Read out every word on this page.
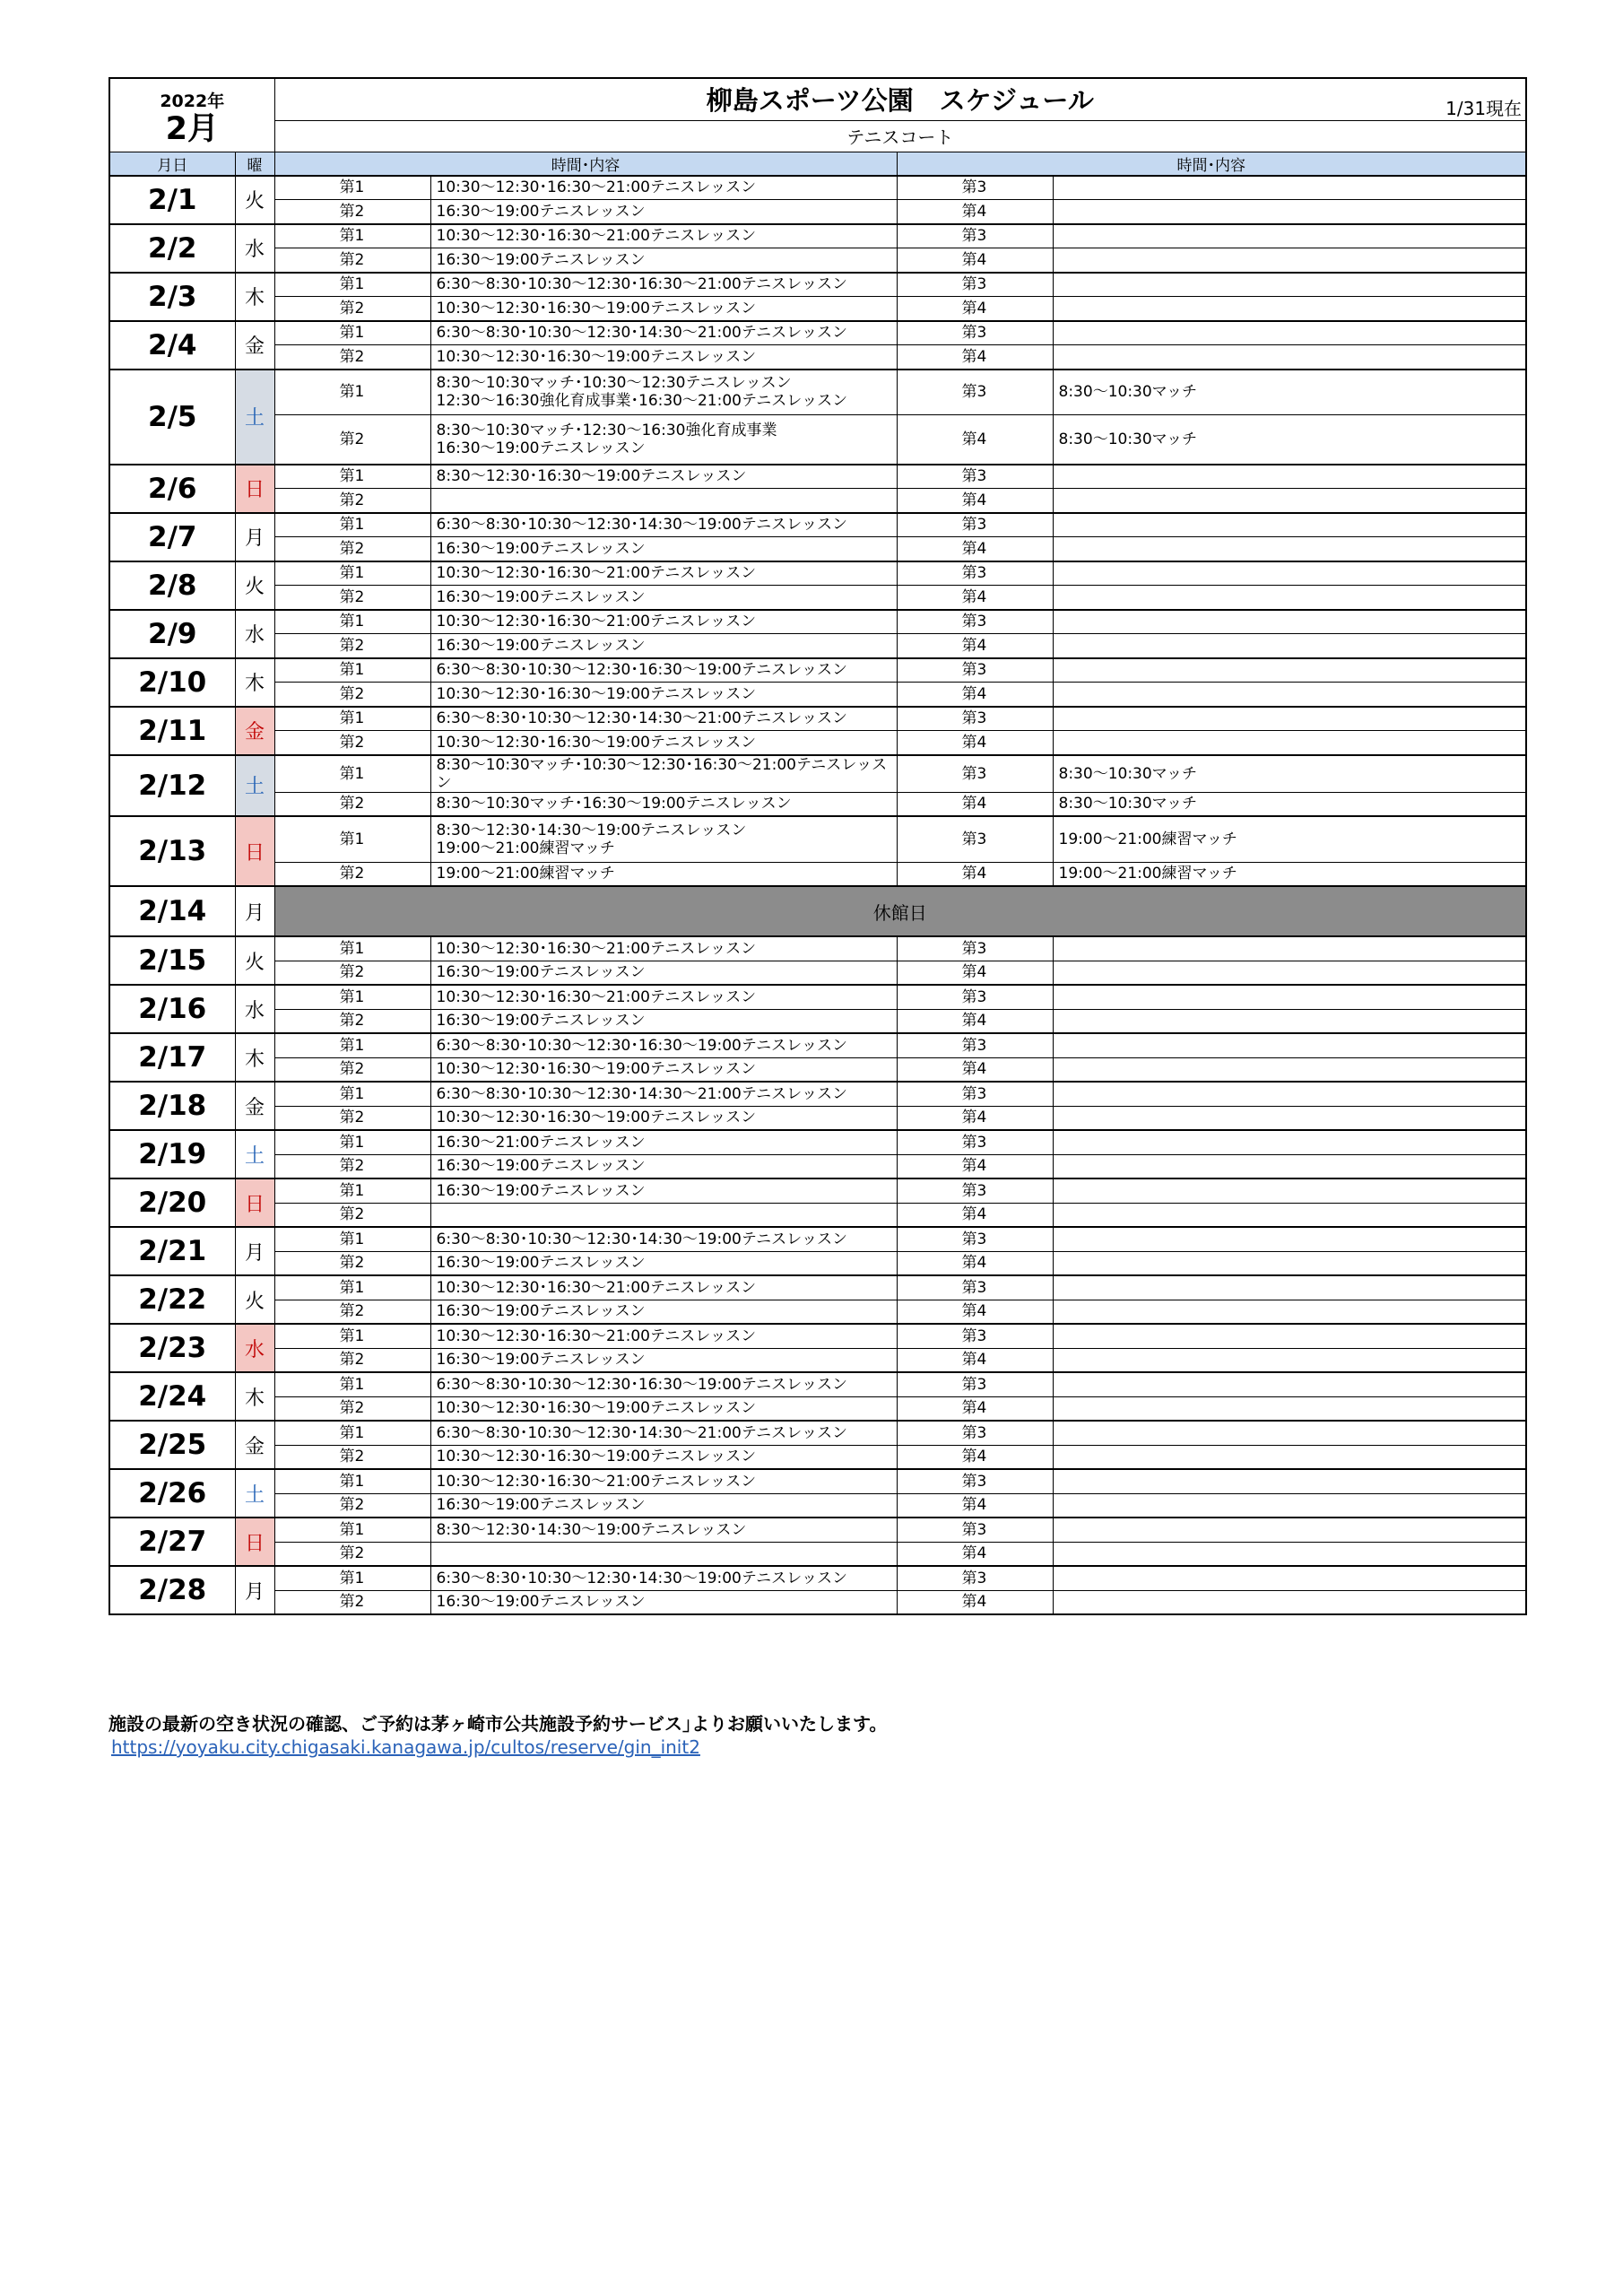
2022年
2月		柳島スポーツ公園　スケジュール 1/31現在			

		テニスコート			
月日	曜	時間･内容		時間･内容	
2/1	火	第1	10:30～12:30･16:30～21:00テニスレッスン	第3	
		第2	16:30～19:00テニスレッスン	第4	
2/2	水	第1	10:30～12:30･16:30～21:00テニスレッスン	第3	
		第2	16:30～19:00テニスレッスン	第4	
2/3	木	第1	6:30～8:30･10:30～12:30･16:30～21:00テニスレッスン	第3	
		第2	10:30～12:30･16:30～19:00テニスレッスン	第4	
2/4	金	第1	6:30～8:30･10:30～12:30･14:30～21:00テニスレッスン	第3	
		第2	10:30～12:30･16:30～19:00テニスレッスン	第4	
2/5	土	第1	8:30～10:30マッチ･10:30～12:30テニスレッスン
12:30～16:30強化育成事業･16:30～21:00テニスレッスン	第3	8:30～10:30マッチ
		第2	8:30～10:30マッチ･12:30～16:30強化育成事業
16:30～19:00テニスレッスン	第4	8:30～10:30マッチ
2/6	日	第1	8:30～12:30･16:30～19:00テニスレッスン	第3	
		第2		第4	
2/7	月	第1	6:30～8:30･10:30～12:30･14:30～19:00テニスレッスン	第3	
		第2	16:30～19:00テニスレッスン	第4	
2/8	火	第1	10:30～12:30･16:30～21:00テニスレッスン	第3	
		第2	16:30～19:00テニスレッスン	第4	
2/9	水	第1	10:30～12:30･16:30～21:00テニスレッスン	第3	
		第2	16:30～19:00テニスレッスン	第4	
2/10	木	第1	6:30～8:30･10:30～12:30･16:30～19:00テニスレッスン	第3	
		第2	10:30～12:30･16:30～19:00テニスレッスン	第4	
2/11	金	第1	6:30～8:30･10:30～12:30･14:30～21:00テニスレッスン	第3	
		第2	10:30～12:30･16:30～19:00テニスレッスン	第4	
2/12	土	第1	8:30～10:30マッチ･10:30～12:30･16:30～21:00テニスレッスン	第3	8:30～10:30マッチ
		第2	8:30～10:30マッチ･16:30～19:00テニスレッスン	第4	8:30～10:30マッチ
2/13	日	第1	8:30～12:30･14:30～19:00テニスレッスン
19:00～21:00練習マッチ	第3	19:00～21:00練習マッチ
		第2	19:00～21:00練習マッチ	第4	19:00～21:00練習マッチ
2/14	月	休館日			
2/15	火	第1	10:30～12:30･16:30～21:00テニスレッスン	第3	
		第2	16:30～19:00テニスレッスン	第4	
2/16	水	第1	10:30～12:30･16:30～21:00テニスレッスン	第3	
		第2	16:30～19:00テニスレッスン	第4	
2/17	木	第1	6:30～8:30･10:30～12:30･16:30～19:00テニスレッスン	第3	
		第2	10:30～12:30･16:30～19:00テニスレッスン	第4	
2/18	金	第1	6:30～8:30･10:30～12:30･14:30～21:00テニスレッスン	第3	
		第2	10:30～12:30･16:30～19:00テニスレッスン	第4	
2/19	土	第1	16:30～21:00テニスレッスン	第3	
		第2	16:30～19:00テニスレッスン	第4	
2/20	日	第1	16:30～19:00テニスレッスン	第3	
		第2		第4	
2/21	月	第1	6:30～8:30･10:30～12:30･14:30～19:00テニスレッスン	第3	
		第2	16:30～19:00テニスレッスン	第4	
2/22	火	第1	10:30～12:30･16:30～21:00テニスレッスン	第3	
		第2	16:30～19:00テニスレッスン	第4	
2/23	水	第1	10:30～12:30･16:30～21:00テニスレッスン	第3	
		第2	16:30～19:00テニスレッスン	第4	
2/24	木	第1	6:30～8:30･10:30～12:30･16:30～19:00テニスレッスン	第3	
		第2	10:30～12:30･16:30～19:00テニスレッスン	第4	
2/25	金	第1	6:30～8:30･10:30～12:30･14:30～21:00テニスレッスン	第3	
		第2	10:30～12:30･16:30～19:00テニスレッスン	第4	
2/26	土	第1	10:30～12:30･16:30～21:00テニスレッスン	第3	
		第2	16:30～19:00テニスレッスン	第4	
2/27	日	第1	8:30～12:30･14:30～19:00テニスレッスン	第3	
		第2		第4	
2/28	月	第1	6:30～8:30･10:30～12:30･14:30～19:00テニスレッスン	第3	
		第2	16:30～19:00テニスレッスン	第4	
施設の最新の空き状況の確認、ご予約は茅ヶ崎市公共施設予約サービス｣よりお願いいたします。
https://yoyaku.city.chigasaki.kanagawa.jp/cultos/reserve/gin_init2
